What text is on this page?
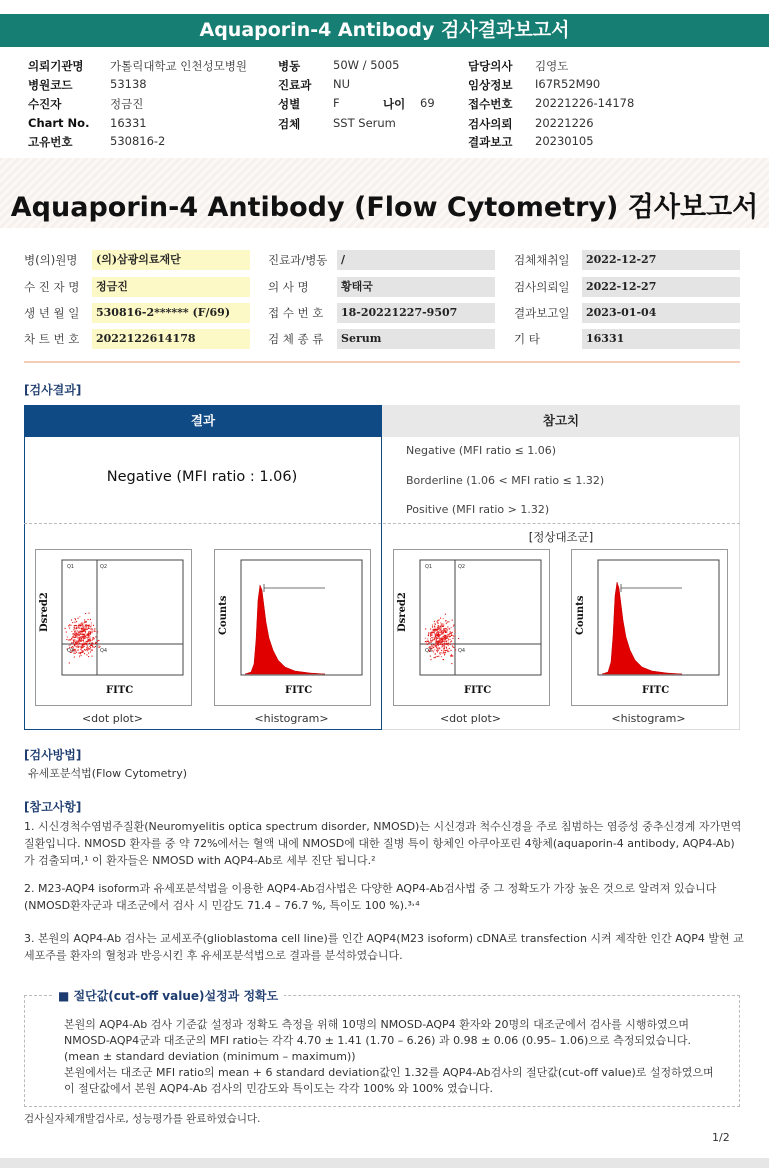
Aquaporin-4 Antibody 검사결과보고서
의뢰기관명 가톨릭대학교 인천성모병원
병원코드	53138
수진자	정금진
Chart No. 16331
고유번호	530816-2
병동	50W / 5005
진료과 NU
성별	F	나이 69
검체	SST Serum
담당의사 김영도
임상정보 I67R52M90
접수번호 20221226-14178
검사의뢰 20221226
결과보고 20230105
Aquaporin-4 Antibody (Flow Cytometry) 검사보고서
병(의)원명	(의)삼광의료재단
수 진 자 명	정금진
생 년 월 일	530816-2****** (F/69)
차 트 번 호	2022122614178
진료과/병동	/
의 사 명	황태국
접 수 번 호	18-20221227-9507
검 체 종 류	Serum
검체채취일	2022-12-27
검사의뢰일	2022-12-27
결과보고일	2023-01-04
기 타	16331
[검사결과]
결과	참고치
Negative (MFI ratio : 1.06)
Negative (MFI ratio ≤ 1.06)
Borderline (1.06 < MFI ratio ≤ 1.32)
Positive (MFI ratio > 1.32)
[정상대조군]
Dsred2
FITC
Q1	Q2
Q3	Q4
<dot plot>
Counts
FITC
<histogram>
Dsred2
FITC
Q1	Q2
Q3	Q4
<dot plot>
Counts
FITC
<histogram>
[검사방법]
유세포분석법(Flow Cytometry)
[참고사항]
1. 시신경척수염범주질환(Neuromyelitis optica spectrum disorder, NMOSD)는 시신경과 척수신경을 주로 침범하는 염증성 중추신경계 자가면역 질환입니다. NMOSD 환자를 중 약 72%에서는 혈액 내에 NMOSD에 대한 질병 특이 항체인 아쿠아포린 4항체(aquaporin-4 antibody, AQP4-Ab)가 검출되며,¹ 이 환자들은 NMOSD with AQP4-Ab로 세부 진단 됩니다.²
2. M23-AQP4 isoform과 유세포분석법을 이용한 AQP4-Ab검사법은 다양한 AQP4-Ab검사법 중 그 정확도가 가장 높은 것으로 알려져 있습니다(NMOSD환자군과 대조군에서 검사 시 민감도 71.4 – 76.7 %, 특이도 100 %).³˒⁴
3. 본원의 AQP4-Ab 검사는 교세포주(glioblastoma cell line)를 인간 AQP4(M23 isoform) cDNA로 transfection 시켜 제작한 인간 AQP4 발현 교세포주를 환자의 혈청과 반응시킨 후 유세포분석법으로 결과를 분석하였습니다.
■ 절단값(cut-off value)설정과 정확도
본원의 AQP4-Ab 검사 기준값 설정과 정확도 측정을 위해 10명의 NMOSD-AQP4 환자와 20명의 대조군에서 검사를 시행하였으며 NMOSD-AQP4군과 대조군의 MFI ratio는 각각 4.70 ± 1.41 (1.70 – 6.26) 과 0.98 ± 0.06 (0.95– 1.06)으로 측정되었습니다. (mean ± standard deviation (minimum – maximum))
본원에서는 대조군 MFI ratio의 mean + 6 standard deviation값인 1.32를 AQP4-Ab검사의 절단값(cut-off value)로 설정하였으며 이 절단값에서 본원 AQP4-Ab 검사의 민감도와 특이도는 각각 100% 와 100% 였습니다.
검사실자체개발검사로, 성능평가를 완료하였습니다.
1/2
